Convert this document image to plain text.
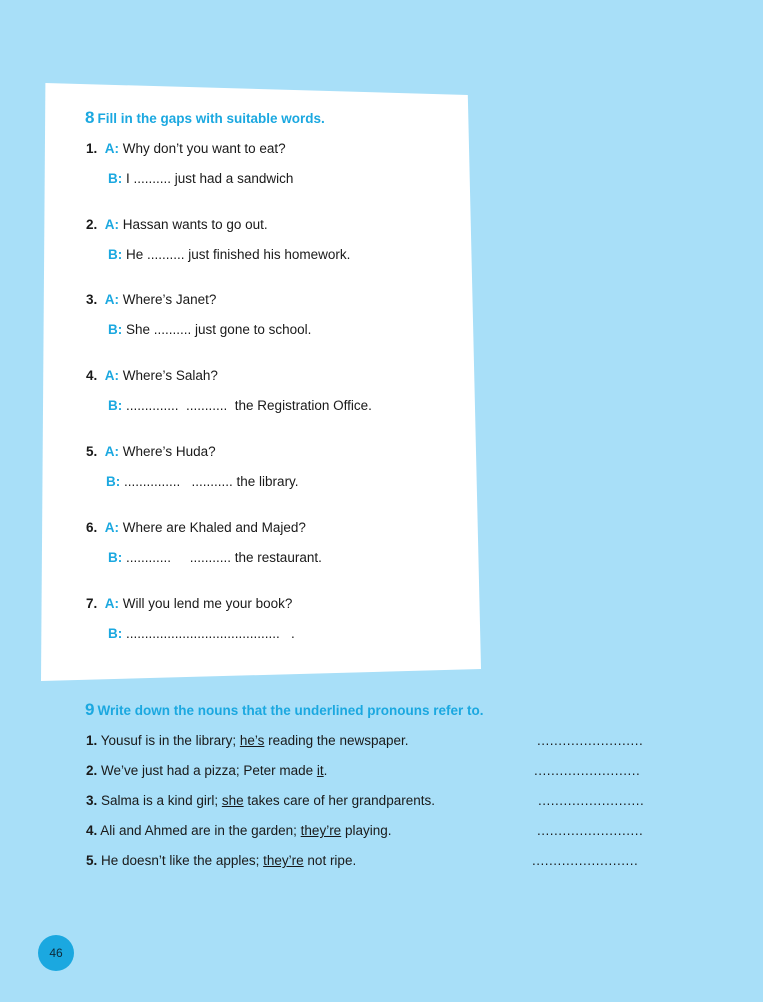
8 Fill in the gaps with suitable words.
1. A: Why don’t you want to eat?
B: I .......... just had a sandwich
2. A: Hassan wants to go out.
B: He .......... just finished his homework.
3. A: Where’s Janet?
B: She .......... just gone to school.
4. A: Where’s Salah?
B: ..............  ...........  the Registration Office.
5. A: Where’s Huda?
B: ...............   ........... the library.
6. A: Where are Khaled and Majed?
B: ............     ........... the restaurant.
7. A: Will you lend me your book?
B: .........................................   .
9 Write down the nouns that the underlined pronouns refer to.
1. Yousuf is in the library; he’s reading the newspaper.	.........................
2. We’ve just had a pizza; Peter made it.	.........................
3. Salma is a kind girl; she takes care of her grandparents.	.........................
4. Ali and Ahmed are in the garden; they’re playing.	.........................
5. He doesn’t like the apples; they’re not ripe.	.........................
46
